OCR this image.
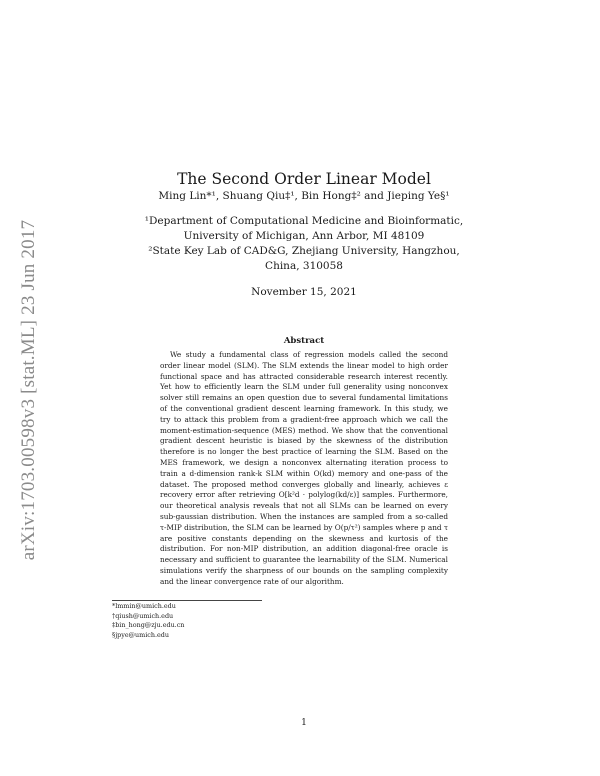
arXiv:1703.00598v3 [stat.ML] 23 Jun 2017
The Second Order Linear Model
Ming Lin*¹, Shuang Qiu‡¹, Bin Hong‡² and Jieping Ye§¹
¹Department of Computational Medicine and Bioinformatic,
University of Michigan, Ann Arbor, MI 48109
²State Key Lab of CAD&G, Zhejiang University, Hangzhou,
China, 310058
November 15, 2021
Abstract

We study a fundamental class of regression models called the second order linear model (SLM). The SLM extends the linear model to high order functional space and has attracted considerable research interest recently. Yet how to efficiently learn the SLM under full generality using nonconvex solver still remains an open question due to several fundamental limitations of the conventional gradient descent learning framework. In this study, we try to attack this problem from a gradient-free approach which we call the moment-estimation-sequence (MES) method. We show that the conventional gradient descent heuristic is biased by the skewness of the distribution therefore is no longer the best practice of learning the SLM. Based on the MES framework, we design a nonconvex alternating iteration process to train a d-dimension rank-k SLM within O(kd) memory and one-pass of the dataset. The proposed method converges globally and linearly, achieves ε recovery error after retrieving O[k²d · polylog(kd/ε)] samples. Furthermore, our theoretical analysis reveals that not all SLMs can be learned on every sub-gaussian distribution. When the instances are sampled from a so-called τ-MIP distribution, the SLM can be learned by O(p/τ²) samples where p and τ are positive constants depending on the skewness and kurtosis of the distribution. For non-MIP distribution, an addition diagonal-free oracle is necessary and sufficient to guarantee the learnability of the SLM. Numerical simulations verify the sharpness of our bounds on the sampling complexity and the linear convergence rate of our algorithm.

*lmmin@umich.edu
†qiush@umich.edu
‡bin_hong@zju.edu.cn
§jpye@umich.edu
1
